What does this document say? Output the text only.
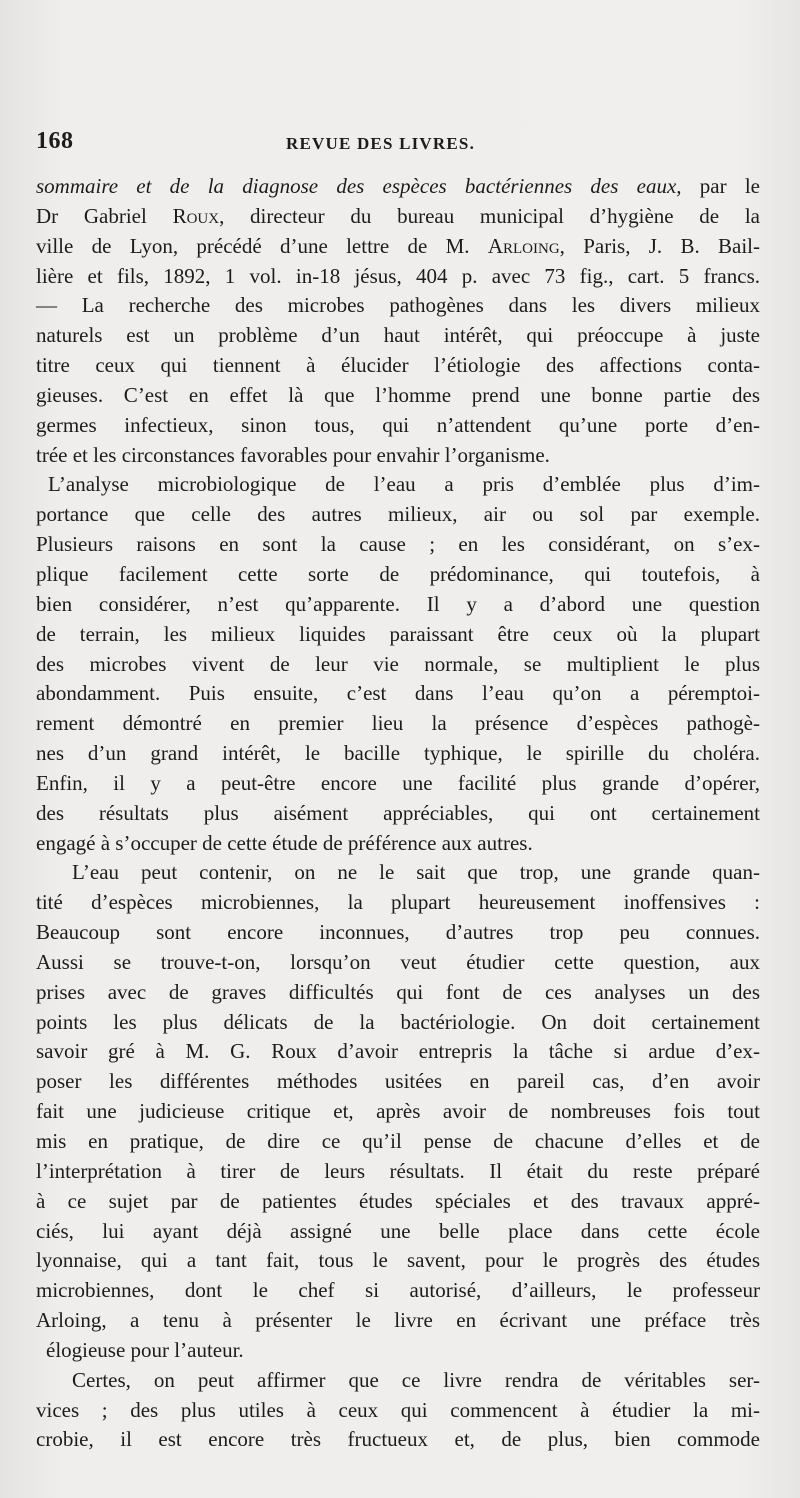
168	REVUE DES LIVRES.
sommaire et de la diagnose des espèces bactériennes des eaux, par le
Dr Gabriel Roux, directeur du bureau municipal d’hygiène de la
ville de Lyon, précédé d’une lettre de M. Arloing, Paris, J. B. Bail-
lière et fils, 1892, 1 vol. in-18 jésus, 404 p. avec 73 fig., cart. 5 francs.
— La recherche des microbes pathogènes dans les divers milieux
naturels est un problème d’un haut intérêt, qui préoccupe à juste
titre ceux qui tiennent à élucider l’étiologie des affections conta-
gieuses. C’est en effet là que l’homme prend une bonne partie des
germes infectieux, sinon tous, qui n’attendent qu’une porte d’en-
trée et les circonstances favorables pour envahir l’organisme.
L’analyse microbiologique de l’eau a pris d’emblée plus d’im-
portance que celle des autres milieux, air ou sol par exemple.
Plusieurs raisons en sont la cause ; en les considérant, on s’ex-
plique facilement cette sorte de prédominance, qui toutefois, à
bien considérer, n’est qu’apparente. Il y a d’abord une question
de terrain, les milieux liquides paraissant être ceux où la plupart
des microbes vivent de leur vie normale, se multiplient le plus
abondamment. Puis ensuite, c’est dans l’eau qu’on a péremptoi-
rement démontré en premier lieu la présence d’espèces pathogè-
nes d’un grand intérêt, le bacille typhique, le spirille du choléra.
Enfin, il y a peut-être encore une facilité plus grande d’opérer,
des résultats plus aisément appréciables, qui ont certainement
engagé à s’occuper de cette étude de préférence aux autres.
L’eau peut contenir, on ne le sait que trop, une grande quan-
tité d’espèces microbiennes, la plupart heureusement inoffensives :
Beaucoup sont encore inconnues, d’autres trop peu connues.
Aussi se trouve-t-on, lorsqu’on veut étudier cette question, aux
prises avec de graves difficultés qui font de ces analyses un des
points les plus délicats de la bactériologie. On doit certainement
savoir gré à M. G. Roux d’avoir entrepris la tâche si ardue d’ex-
poser les différentes méthodes usitées en pareil cas, d’en avoir
fait une judicieuse critique et, après avoir de nombreuses fois tout
mis en pratique, de dire ce qu’il pense de chacune d’elles et de
l’interprétation à tirer de leurs résultats. Il était du reste préparé
à ce sujet par de patientes études spéciales et des travaux appré-
ciés, lui ayant déjà assigné une belle place dans cette école
lyonnaise, qui a tant fait, tous le savent, pour le progrès des études
microbiennes, dont le chef si autorisé, d’ailleurs, le professeur
Arloing, a tenu à présenter le livre en écrivant une préface très
élogieuse pour l’auteur.
Certes, on peut affirmer que ce livre rendra de véritables ser-
vices ; des plus utiles à ceux qui commencent à étudier la mi-
crobie, il est encore très fructueux et, de plus, bien commode
